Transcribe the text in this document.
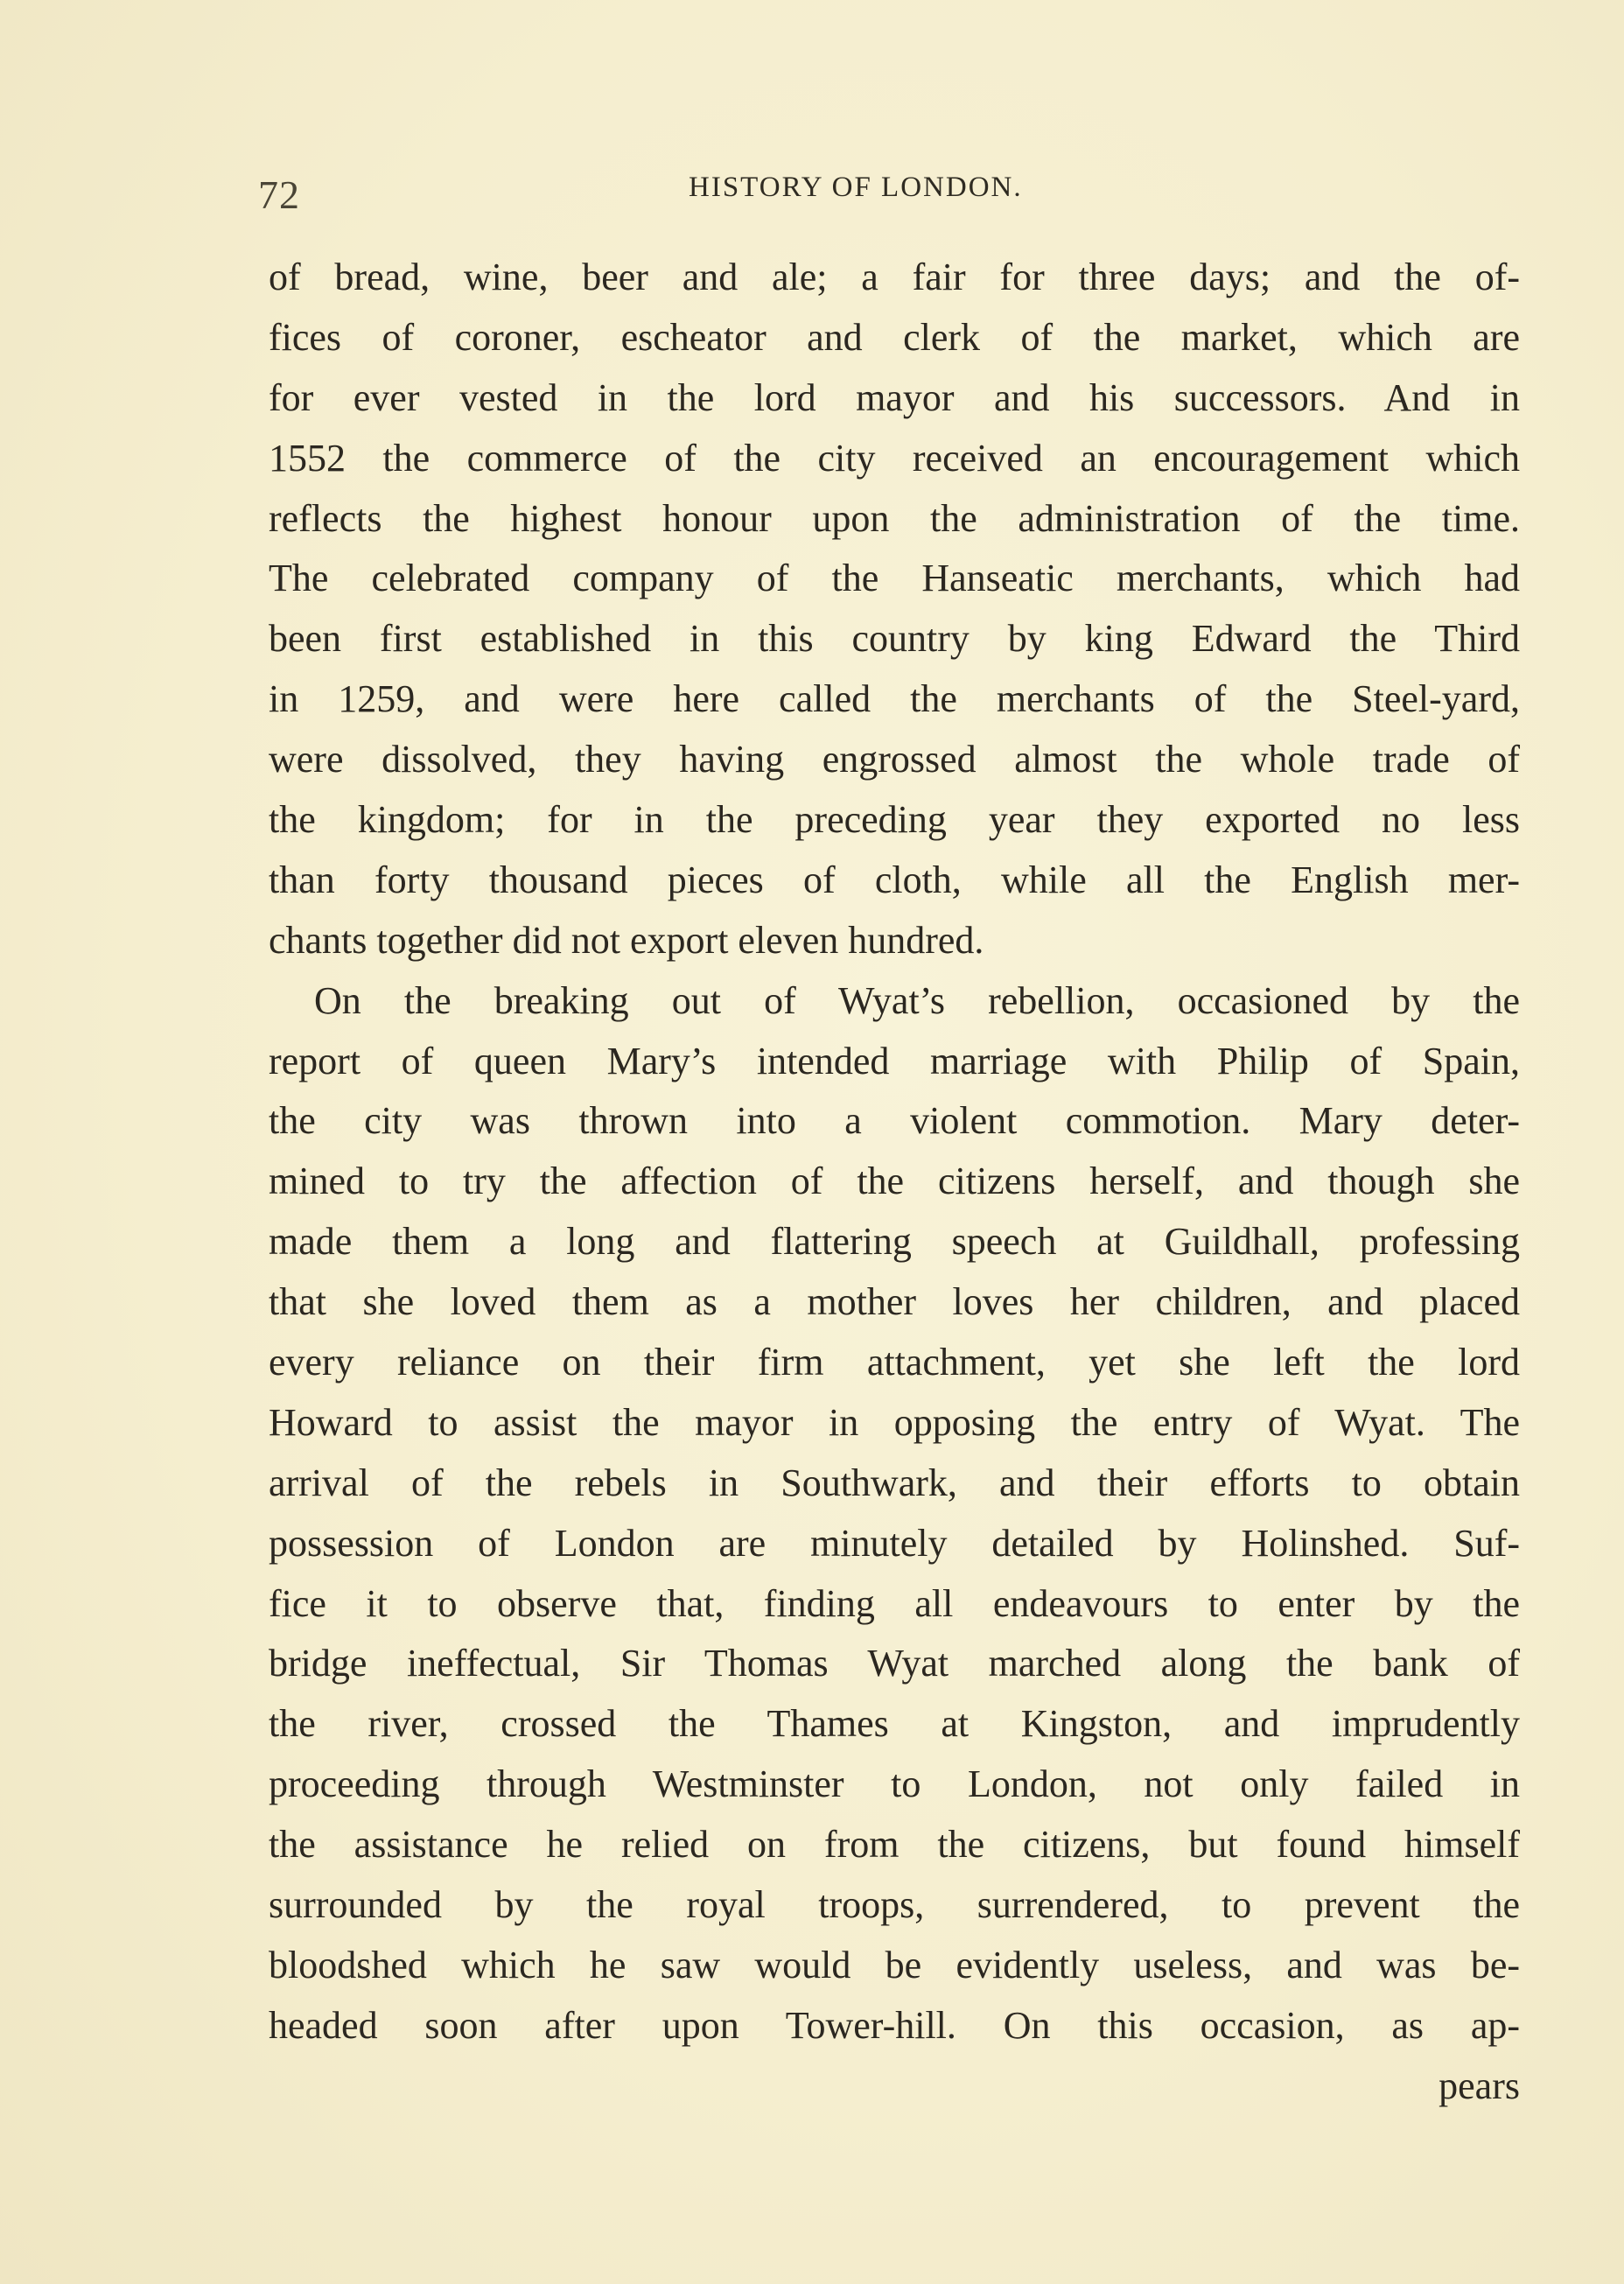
72	HISTORY OF LONDON.
of bread, wine, beer and ale; a fair for three days; and the of-
fices of coroner, escheator and clerk of the market, which are
for ever vested in the lord mayor and his successors. And in
1552 the commerce of the city received an encouragement which
reflects the highest honour upon the administration of the time.
The celebrated company of the Hanseatic merchants, which had
been first established in this country by king Edward the Third
in 1259, and were here called the merchants of the Steel-yard,
were dissolved, they having engrossed almost the whole trade of
the kingdom; for in the preceding year they exported no less
than forty thousand pieces of cloth, while all the English mer-
chants together did not export eleven hundred.
On the breaking out of Wyat’s rebellion, occasioned by the
report of queen Mary’s intended marriage with Philip of Spain,
the city was thrown into a violent commotion. Mary deter-
mined to try the affection of the citizens herself, and though she
made them a long and flattering speech at Guildhall, professing
that she loved them as a mother loves her children, and placed
every reliance on their firm attachment, yet she left the lord
Howard to assist the mayor in opposing the entry of Wyat. The
arrival of the rebels in Southwark, and their efforts to obtain
possession of London are minutely detailed by Holinshed. Suf-
fice it to observe that, finding all endeavours to enter by the
bridge ineffectual, Sir Thomas Wyat marched along the bank of
the river, crossed the Thames at Kingston, and imprudently
proceeding through Westminster to London, not only failed in
the assistance he relied on from the citizens, but found himself
surrounded by the royal troops, surrendered, to prevent the
bloodshed which he saw would be evidently useless, and was be-
headed soon after upon Tower-hill. On this occasion, as ap-
pears
